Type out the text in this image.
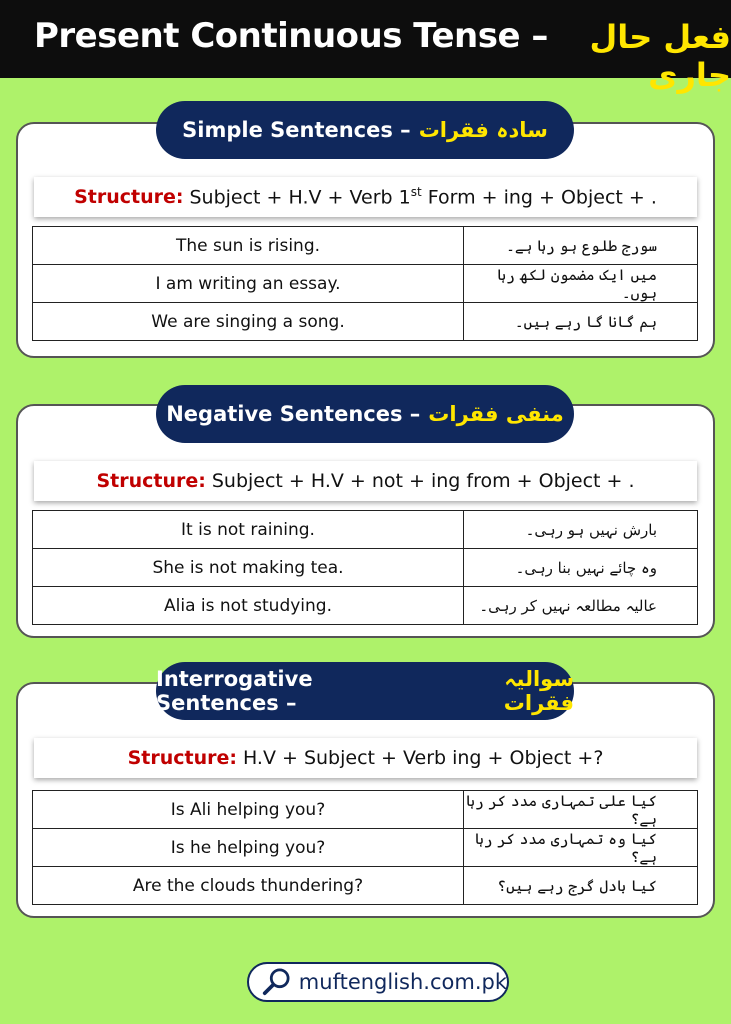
Present Continuous Tense –	فعل حال جاری
Simple Sentences – سادہ فقرات
Structure: Subject + H.V + Verb 1st Form + ing + Object + .
The sun is rising.	سورج طلوع ہو رہا ہے۔
I am writing an essay.	میں ایک مضمون لکھ رہا ہوں۔
We are singing a song.	ہم گانا گا رہے ہیں۔
Negative Sentences – منفی فقرات
Structure: Subject + H.V + not + ing from + Object + .
It is not raining.	بارش نہیں ہو رہی۔
She is not making tea.	وہ چائے نہیں بنا رہی۔
Alia is not studying.	عالیہ مطالعہ نہیں کر رہی۔
Interrogative Sentences –
سوالیہ فقرات
Structure: H.V + Subject + Verb ing + Object +?
Is Ali helping you?	کیا علی تمہاری مدد کر رہا ہے؟
Is he helping you?	کیا وہ تمہاری مدد کر رہا ہے؟
Are the clouds thundering?	کیا بادل گرج رہے ہیں؟
muftenglish.com.pk
